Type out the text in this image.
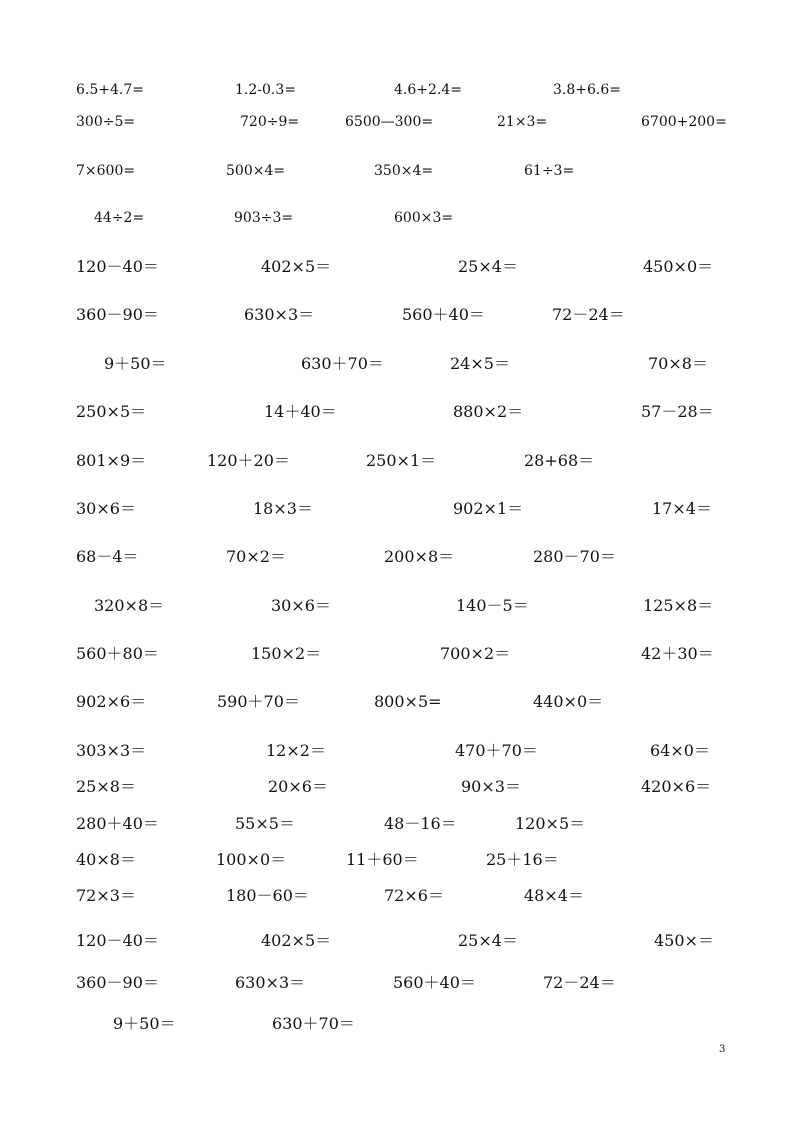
6.5+4.7=	1.2-0.3=	4.6+2.4=	3.8+6.6=
300÷5=	720÷9=	6500—300=	21×3=	6700+200=
7×600=	500×4=	350×4=	61÷3=
44÷2=	903÷3=	600×3=
120－40＝	402×5＝	25×4＝	450×0＝
360－90＝	630×3＝	560＋40＝	72－24＝
9＋50＝	630＋70＝	24×5＝	70×8＝
250×5＝	14＋40＝	880×2＝	57－28＝
801×9＝	120＋20＝	250×1＝	28+68＝
30×6＝	18×3＝	902×1＝	17×4＝
68－4＝	70×2＝	200×8＝	280－70＝
320×8＝	30×6＝	140－5＝	125×8＝
560＋80＝	150×2＝	700×2＝	42＋30＝
902×6＝	590＋70＝	800×5=	440×0＝
303×3＝	12×2＝	470＋70＝	64×0＝
25×8＝	20×6＝	90×3＝	420×6＝
280＋40＝	55×5＝	48－16＝	120×5＝
40×8＝	100×0＝	11＋60＝	25＋16＝
72×3＝	180－60＝	72×6＝	48×4＝
120－40＝	402×5＝	25×4＝	450×＝
360－90＝	630×3＝	560＋40＝	72－24＝
9＋50＝	630＋70＝
3
